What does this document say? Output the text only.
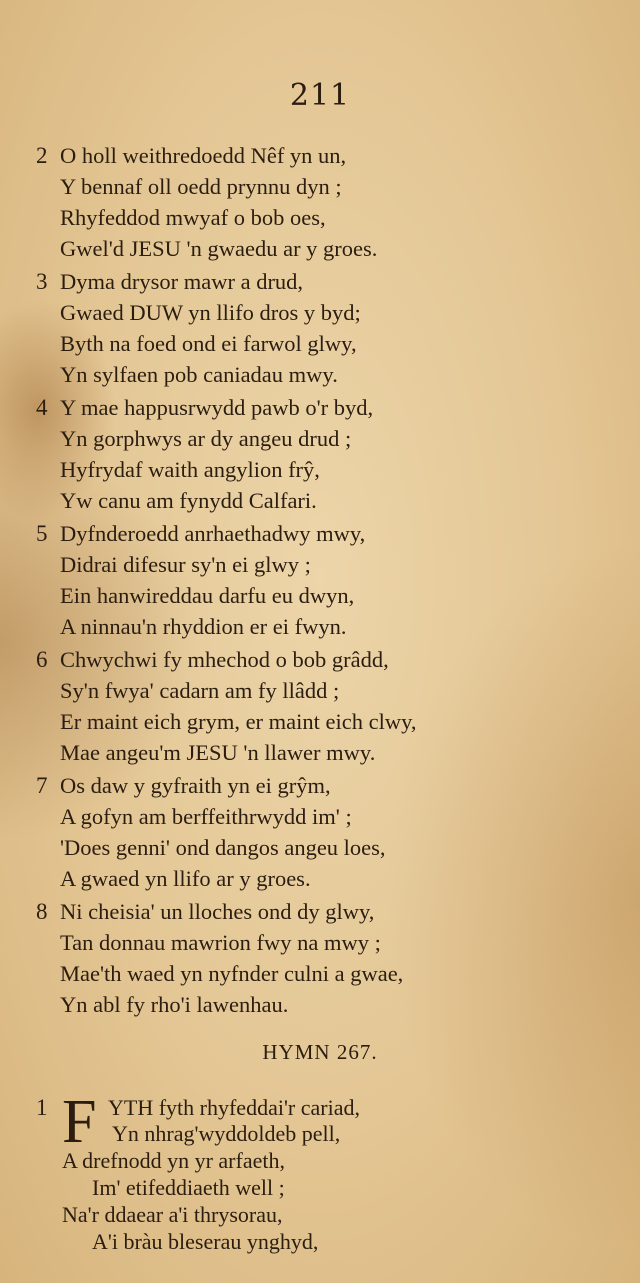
211
2 O holl weithredoedd Nêf yn un,
Y bennaf oll oedd prynnu dyn ;
Rhyfeddod mwyaf o bob oes,
Gwel'd JESU 'n gwaedu ar y groes.
3 Dyma drysor mawr a drud,
Gwaed DUW yn llifo dros y byd;
Byth na foed ond ei farwol glwy,
Yn sylfaen pob caniadau mwy.
4 Y mae happusrwydd pawb o'r byd,
Yn gorphwys ar dy angeu drud ;
Hyfrydaf waith angylion frŷ,
Yw canu am fynydd Calfari.
5 Dyfnderoedd anrhaethadwy mwy,
Didrai difesur sy'n ei glwy ;
Ein hanwireddau darfu eu dwyn,
A ninnau'n rhyddion er ei fwyn.
6 Chwychwi fy mhechod o bob grâdd,
Sy'n fwya' cadarn am fy llâdd ;
Er maint eich grym, er maint eich clwy,
Mae angeu'm JESU 'n llawer mwy.
7 Os daw y gyfraith yn ei grŷm,
A gofyn am berffeithrwydd im' ;
'Does genni' ond dangos angeu loes,
A gwaed yn llifo ar y groes.
8 Ni cheisia' un lloches ond dy glwy,
Tan donnau mawrion fwy na mwy ;
Mae'th waed yn nyfnder culni a gwae,
Yn abl fy rho'i lawenhau.
HYMN 267.
1 F YTH fyth rhyfeddai'r cariad,
Yn nhrag'wyddoldeb pell,
A drefnodd yn yr arfaeth,
Im' etifeddiaeth well ;
Na'r ddaear a'i thrysorau,
A'i bràu bleserau ynghyd,
